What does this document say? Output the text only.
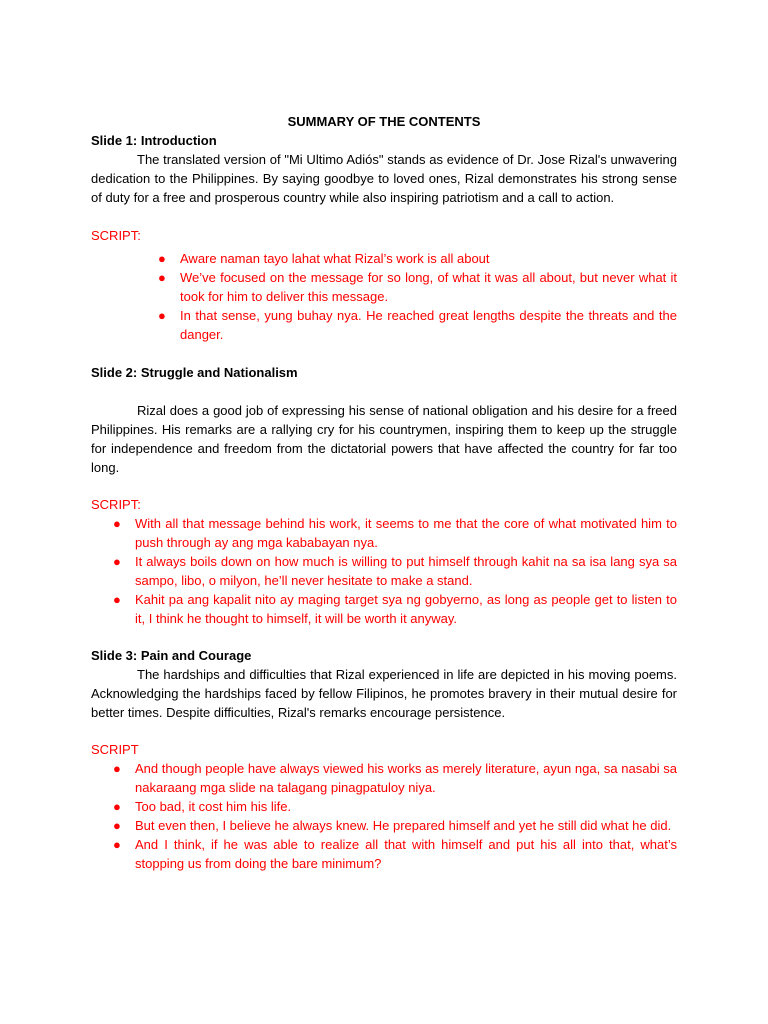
SUMMARY OF THE CONTENTS

Slide 1: Introduction

The translated version of "Mi Ultimo Adiós" stands as evidence of Dr. Jose Rizal's unwavering dedication to the Philippines. By saying goodbye to loved ones, Rizal demonstrates his strong sense of duty for a free and prosperous country while also inspiring patriotism and a call to action.

SCRIPT:

● Aware naman tayo lahat what Rizal’s work is all about
● We’ve focused on the message for so long, of what it was all about, but never what it took for him to deliver this message.
● In that sense, yung buhay nya. He reached great lengths despite the threats and the danger.

Slide 2: Struggle and Nationalism

Rizal does a good job of expressing his sense of national obligation and his desire for a freed Philippines. His remarks are a rallying cry for his countrymen, inspiring them to keep up the struggle for independence and freedom from the dictatorial powers that have affected the country for far too long.

SCRIPT:

● With all that message behind his work, it seems to me that the core of what motivated him to push through ay ang mga kababayan nya.
● It always boils down on how much is willing to put himself through kahit na sa isa lang sya sa sampo, libo, o milyon, he’ll never hesitate to make a stand.
● Kahit pa ang kapalit nito ay maging target sya ng gobyerno, as long as people get to listen to it, I think he thought to himself, it will be worth it anyway.

Slide 3: Pain and Courage

The hardships and difficulties that Rizal experienced in life are depicted in his moving poems. Acknowledging the hardships faced by fellow Filipinos, he promotes bravery in their mutual desire for better times. Despite difficulties, Rizal's remarks encourage persistence.

SCRIPT

● And though people have always viewed his works as merely literature, ayun nga, sa nasabi sa nakaraang mga slide na talagang pinagpatuloy niya.
● Too bad, it cost him his life.
● But even then, I believe he always knew. He prepared himself and yet he still did what he did.
● And I think, if he was able to realize all that with himself and put his all into that, what’s stopping us from doing the bare minimum?
